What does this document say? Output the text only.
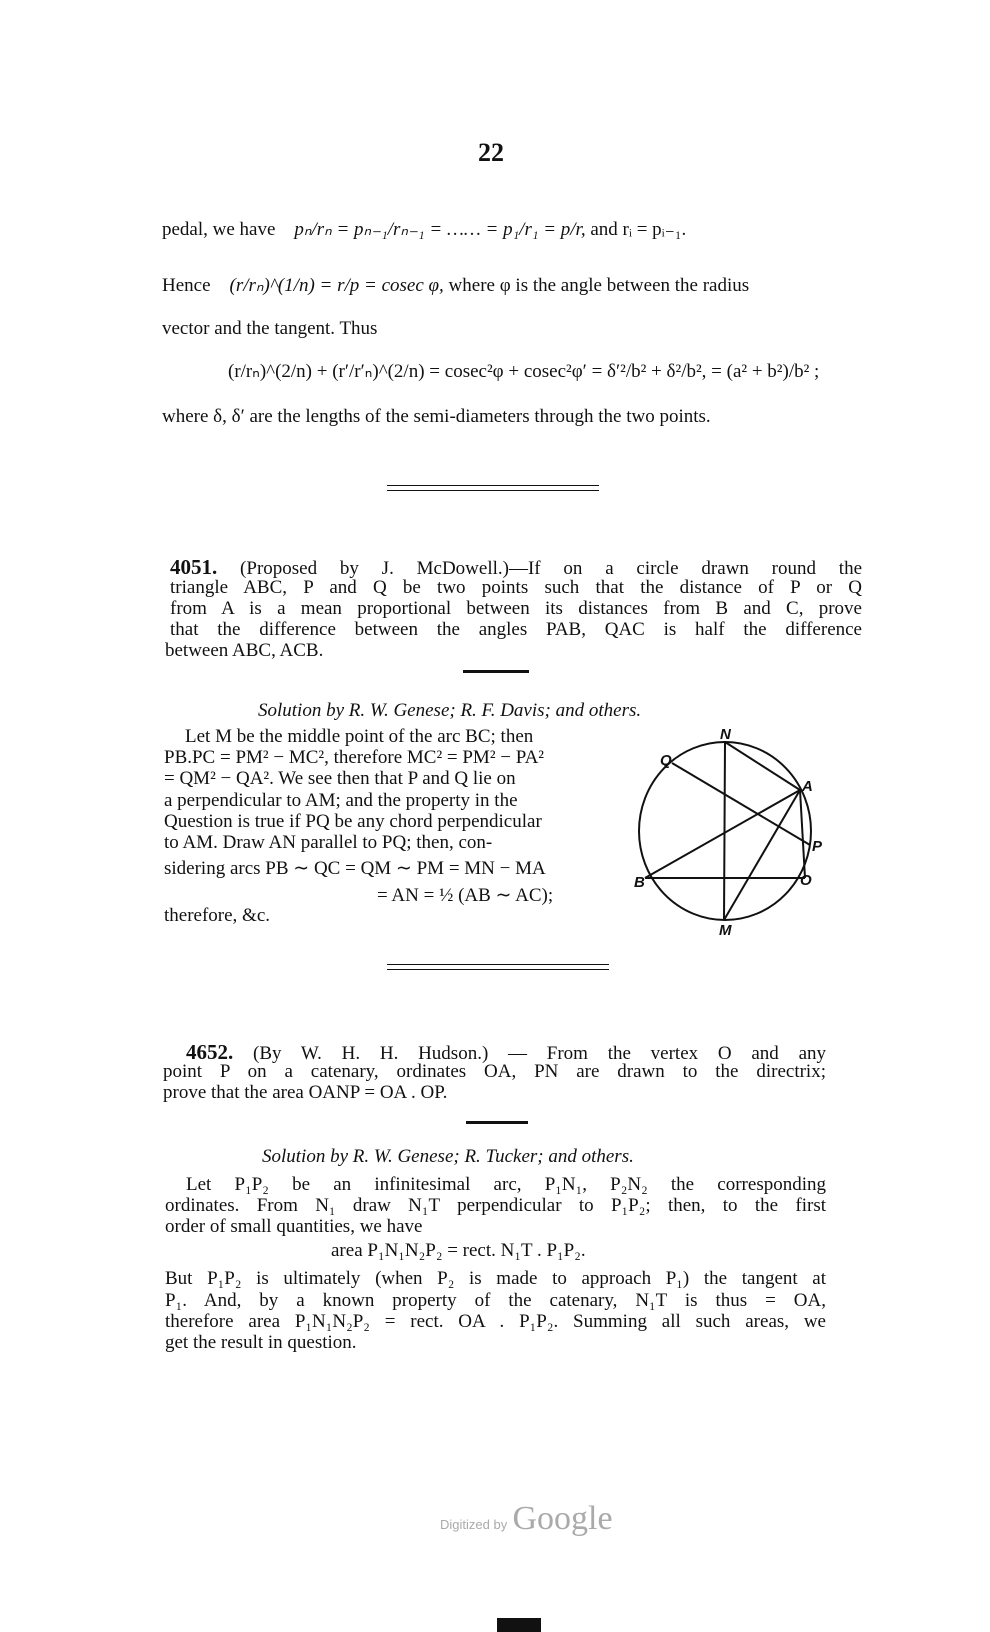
22
pedal, we have pₙ/rₙ = pₙ₋₁/rₙ₋₁ = …… = p₁/r₁ = p/r, and rᵢ = pᵢ₋₁.
Hence (r/rₙ)^(1/n) = r/p = cosec φ, where φ is the angle between the radius
vector and the tangent. Thus
(r/rₙ)^(2/n) + (r′/r′ₙ)^(2/n) = cosec²φ + cosec²φ′ = δ′²/b² + δ²/b², = (a² + b²)/b² ;
where δ, δ′ are the lengths of the semi-diameters through the two points.
4051. (Proposed by J. McDowell.)—If on a circle drawn round the
triangle ABC, P and Q be two points such that the distance of P or Q
from A is a mean proportional between its distances from B and C, prove
that the difference between the angles PAB, QAC is half the difference
between ABC, ACB.
Solution by R. W. Genese; R. F. Davis; and others.
Let M be the middle point of the arc BC; then
PB.PC = PM² − MC², therefore MC² = PM² − PA²
= QM² − QA². We see then that P and Q lie on
a perpendicular to AM; and the property in the
Question is true if PQ be any chord perpendicular
to AM. Draw AN parallel to PQ; then, con-
sidering arcs PB ∼ QC = QM ∼ PM = MN − MA
= AN = ½ (AB ∼ AC);
therefore, &c.
N
Q
A
P
B	O
M
4652. (By W. H. H. Hudson.) — From the vertex O and any
point P on a catenary, ordinates OA, PN are drawn to the directrix;
prove that the area OANP = OA . OP.
Solution by R. W. Genese; R. Tucker; and others.
Let P₁P₂ be an infinitesimal arc, P₁N₁, P₂N₂ the corresponding
ordinates. From N₁ draw N₁T perpendicular to P₁P₂; then, to the first
order of small quantities, we have
area P₁N₁N₂P₂ = rect. N₁T . P₁P₂.
But P₁P₂ is ultimately (when P₂ is made to approach P₁) the tangent at
P₁. And, by a known property of the catenary, N₁T is thus = OA,
therefore area P₁N₁N₂P₂ = rect. OA . P₁P₂. Summing all such areas, we
get the result in question.
Digitized by Google
